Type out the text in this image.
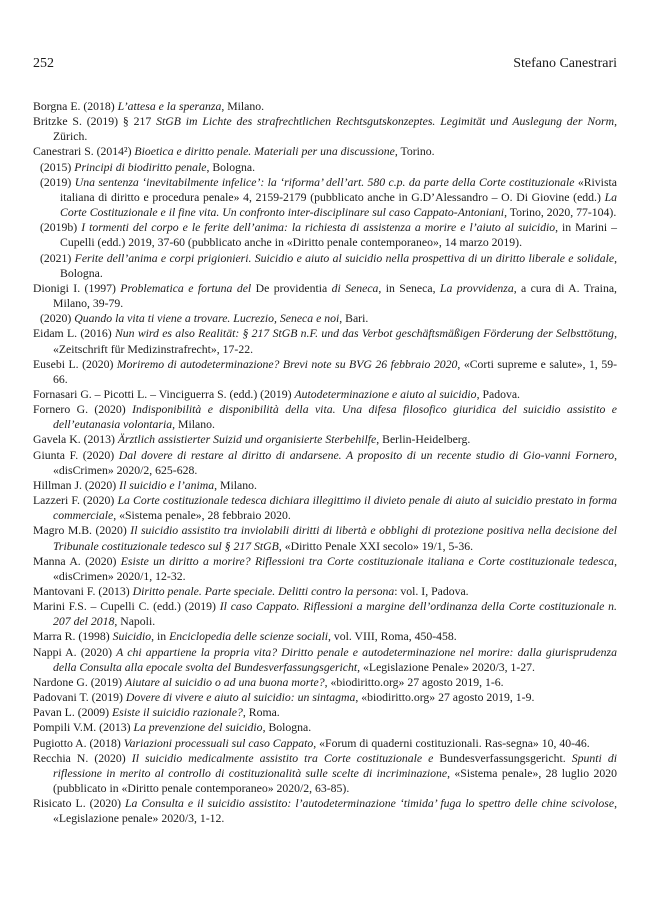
252	Stefano Canestrari
Borgna E. (2018) L’attesa e la speranza, Milano.
Britzke S. (2019) § 217 StGB im Lichte des strafrechtlichen Rechtsgutskonzeptes. Legimität und Auslegung der Norm, Zürich.
Canestrari S. (2014²) Bioetica e diritto penale. Materiali per una discussione, Torino.
(2015) Principi di biodiritto penale, Bologna.
(2019) Una sentenza ‘inevitabilmente infelice’: la ‘riforma’ dell’art. 580 c.p. da parte della Corte costituzionale «Rivista italiana di diritto e procedura penale» 4, 2159-2179 (pubblicato anche in G.D’Alessandro – O. Di Giovine (edd.) La Corte Costituzionale e il fine vita. Un confronto inter-disciplinare sul caso Cappato-Antoniani, Torino, 2020, 77-104).
(2019b) I tormenti del corpo e le ferite dell’anima: la richiesta di assistenza a morire e l’aiuto al suicidio, in Marini – Cupelli (edd.) 2019, 37-60 (pubblicato anche in «Diritto penale contemporaneo», 14 marzo 2019).
(2021) Ferite dell’anima e corpi prigionieri. Suicidio e aiuto al suicidio nella prospettiva di un diritto liberale e solidale, Bologna.
Dionigi I. (1997) Problematica e fortuna del De providentia di Seneca, in Seneca, La provvidenza, a cura di A. Traina, Milano, 39-79.
(2020) Quando la vita ti viene a trovare. Lucrezio, Seneca e noi, Bari.
Eidam L. (2016) Nun wird es also Realität: § 217 StGB n.F. und das Verbot geschäftsmäßigen Förderung der Selbsttötung, «Zeitschrift für Medizinstrafrecht», 17-22.
Eusebi L. (2020) Moriremo di autodeterminazione? Brevi note su BVG 26 febbraio 2020, «Corti supreme e salute», 1, 59-66.
Fornasari G. – Picotti L. – Vinciguerra S. (edd.) (2019) Autodeterminazione e aiuto al suicidio, Padova.
Fornero G. (2020) Indisponibilità e disponibilità della vita. Una difesa filosofico giuridica del suicidio assistito e dell’eutanasia volontaria, Milano.
Gavela K. (2013) Ärztlich assistierter Suizid und organisierte Sterbehilfe, Berlin-Heidelberg.
Giunta F. (2020) Dal dovere di restare al diritto di andarsene. A proposito di un recente studio di Gio-vanni Fornero, «disCrimen» 2020/2, 625-628.
Hillman J. (2020) Il suicidio e l’anima, Milano.
Lazzeri F. (2020) La Corte costituzionale tedesca dichiara illegittimo il divieto penale di aiuto al suicidio prestato in forma commerciale, «Sistema penale», 28 febbraio 2020.
Magro M.B. (2020) Il suicidio assistito tra inviolabili diritti di libertà e obblighi di protezione positiva nella decisione del Tribunale costituzionale tedesco sul § 217 StGB, «Diritto Penale XXI secolo» 19/1, 5-36.
Manna A. (2020) Esiste un diritto a morire? Riflessioni tra Corte costituzionale italiana e Corte costituzionale tedesca, «disCrimen» 2020/1, 12-32.
Mantovani F. (2013) Diritto penale. Parte speciale. Delitti contro la persona: vol. I, Padova.
Marini F.S. – Cupelli C. (edd.) (2019) Il caso Cappato. Riflessioni a margine dell’ordinanza della Corte costituzionale n. 207 del 2018, Napoli.
Marra R. (1998) Suicidio, in Enciclopedia delle scienze sociali, vol. VIII, Roma, 450-458.
Nappi A. (2020) A chi appartiene la propria vita? Diritto penale e autodeterminazione nel morire: dalla giurisprudenza della Consulta alla epocale svolta del Bundesverfassungsgericht, «Legislazione Penale» 2020/3, 1-27.
Nardone G. (2019) Aiutare al suicidio o ad una buona morte?, «biodiritto.org» 27 agosto 2019, 1-6.
Padovani T. (2019) Dovere di vivere e aiuto al suicidio: un sintagma, «biodiritto.org» 27 agosto 2019, 1-9.
Pavan L. (2009) Esiste il suicidio razionale?, Roma.
Pompili V.M. (2013) La prevenzione del suicidio, Bologna.
Pugiotto A. (2018) Variazioni processuali sul caso Cappato, «Forum di quaderni costituzionali. Ras-segna» 10, 40-46.
Recchia N. (2020) Il suicidio medicalmente assistito tra Corte costituzionale e Bundesverfassungsgericht. Spunti di riflessione in merito al controllo di costituzionalità sulle scelte di incriminazione, «Sistema penale», 28 luglio 2020 (pubblicato in «Diritto penale contemporaneo» 2020/2, 63-85).
Risicato L. (2020) La Consulta e il suicidio assistito: l’autodeterminazione ‘timida’ fuga lo spettro delle chine scivolose, «Legislazione penale» 2020/3, 1-12.
